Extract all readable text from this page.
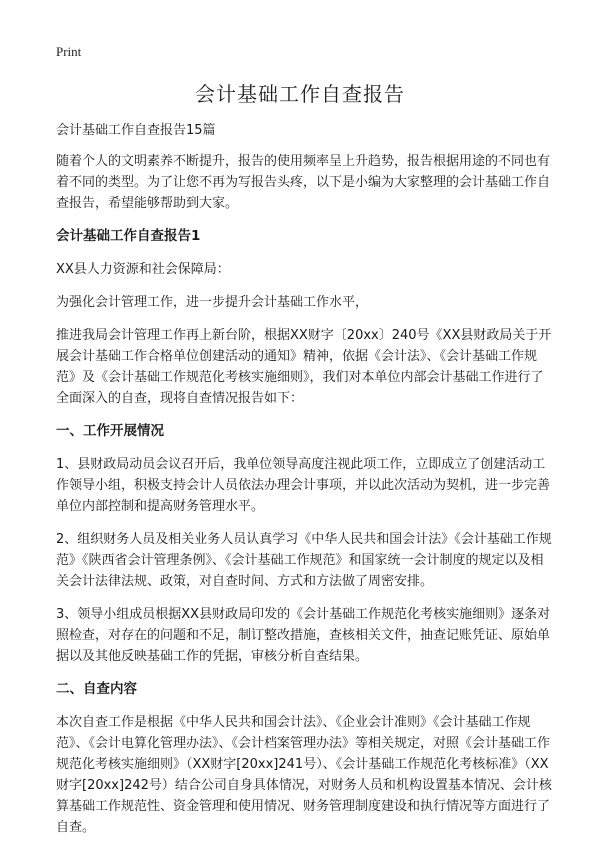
Print
会计基础工作自查报告

会计基础工作自查报告15篇

随着个人的文明素养不断提升，报告的使用频率呈上升趋势，报告根据用途的不同也有着不同的类型。为了让您不再为写报告头疼，以下是小编为大家整理的会计基础工作自查报告，希望能够帮助到大家。

会计基础工作自查报告1

XX县人力资源和社会保障局：

为强化会计管理工作，进一步提升会计基础工作水平，

推进我局会计管理工作再上新台阶，根据XX财字〔20xx〕240号《XX县财政局关于开展会计基础工作合格单位创建活动的通知》精神，依据《会计法》、《会计基础工作规范》及《会计基础工作规范化考核实施细则》，我们对本单位内部会计基础工作进行了全面深入的自查，现将自查情况报告如下：

一、工作开展情况

1、县财政局动员会议召开后，我单位领导高度注视此项工作，立即成立了创建活动工作领导小组，积极支持会计人员依法办理会计事项，并以此次活动为契机，进一步完善单位内部控制和提高财务管理水平。

2、组织财务人员及相关业务人员认真学习《中华人民共和国会计法》《会计基础工作规范》《陕西省会计管理条例》、《会计基础工作规范》和国家统一会计制度的规定以及相关会计法律法规、政策，对自查时间、方式和方法做了周密安排。

3、领导小组成员根据XX县财政局印发的《会计基础工作规范化考核实施细则》逐条对照检查，对存在的问题和不足，制订整改措施，查核相关文件，抽查记账凭证、原始单据以及其他反映基础工作的凭据，审核分析自查结果。

二、自查内容

本次自查工作是根据《中华人民共和国会计法》、《企业会计准则》《会计基础工作规范》、《会计电算化管理办法》、《会计档案管理办法》等相关规定，对照《会计基础工作规范化考核实施细则》（XX财字[20xx]241号）、《会计基础工作规范化考核标准》（XX财字[20xx]242号）结合公司自身具体情况，对财务人员和机构设置基本情况、会计核算基础工作规范性、资金管理和使用情况、财务管理制度建设和执行情况等方面进行了自查。
